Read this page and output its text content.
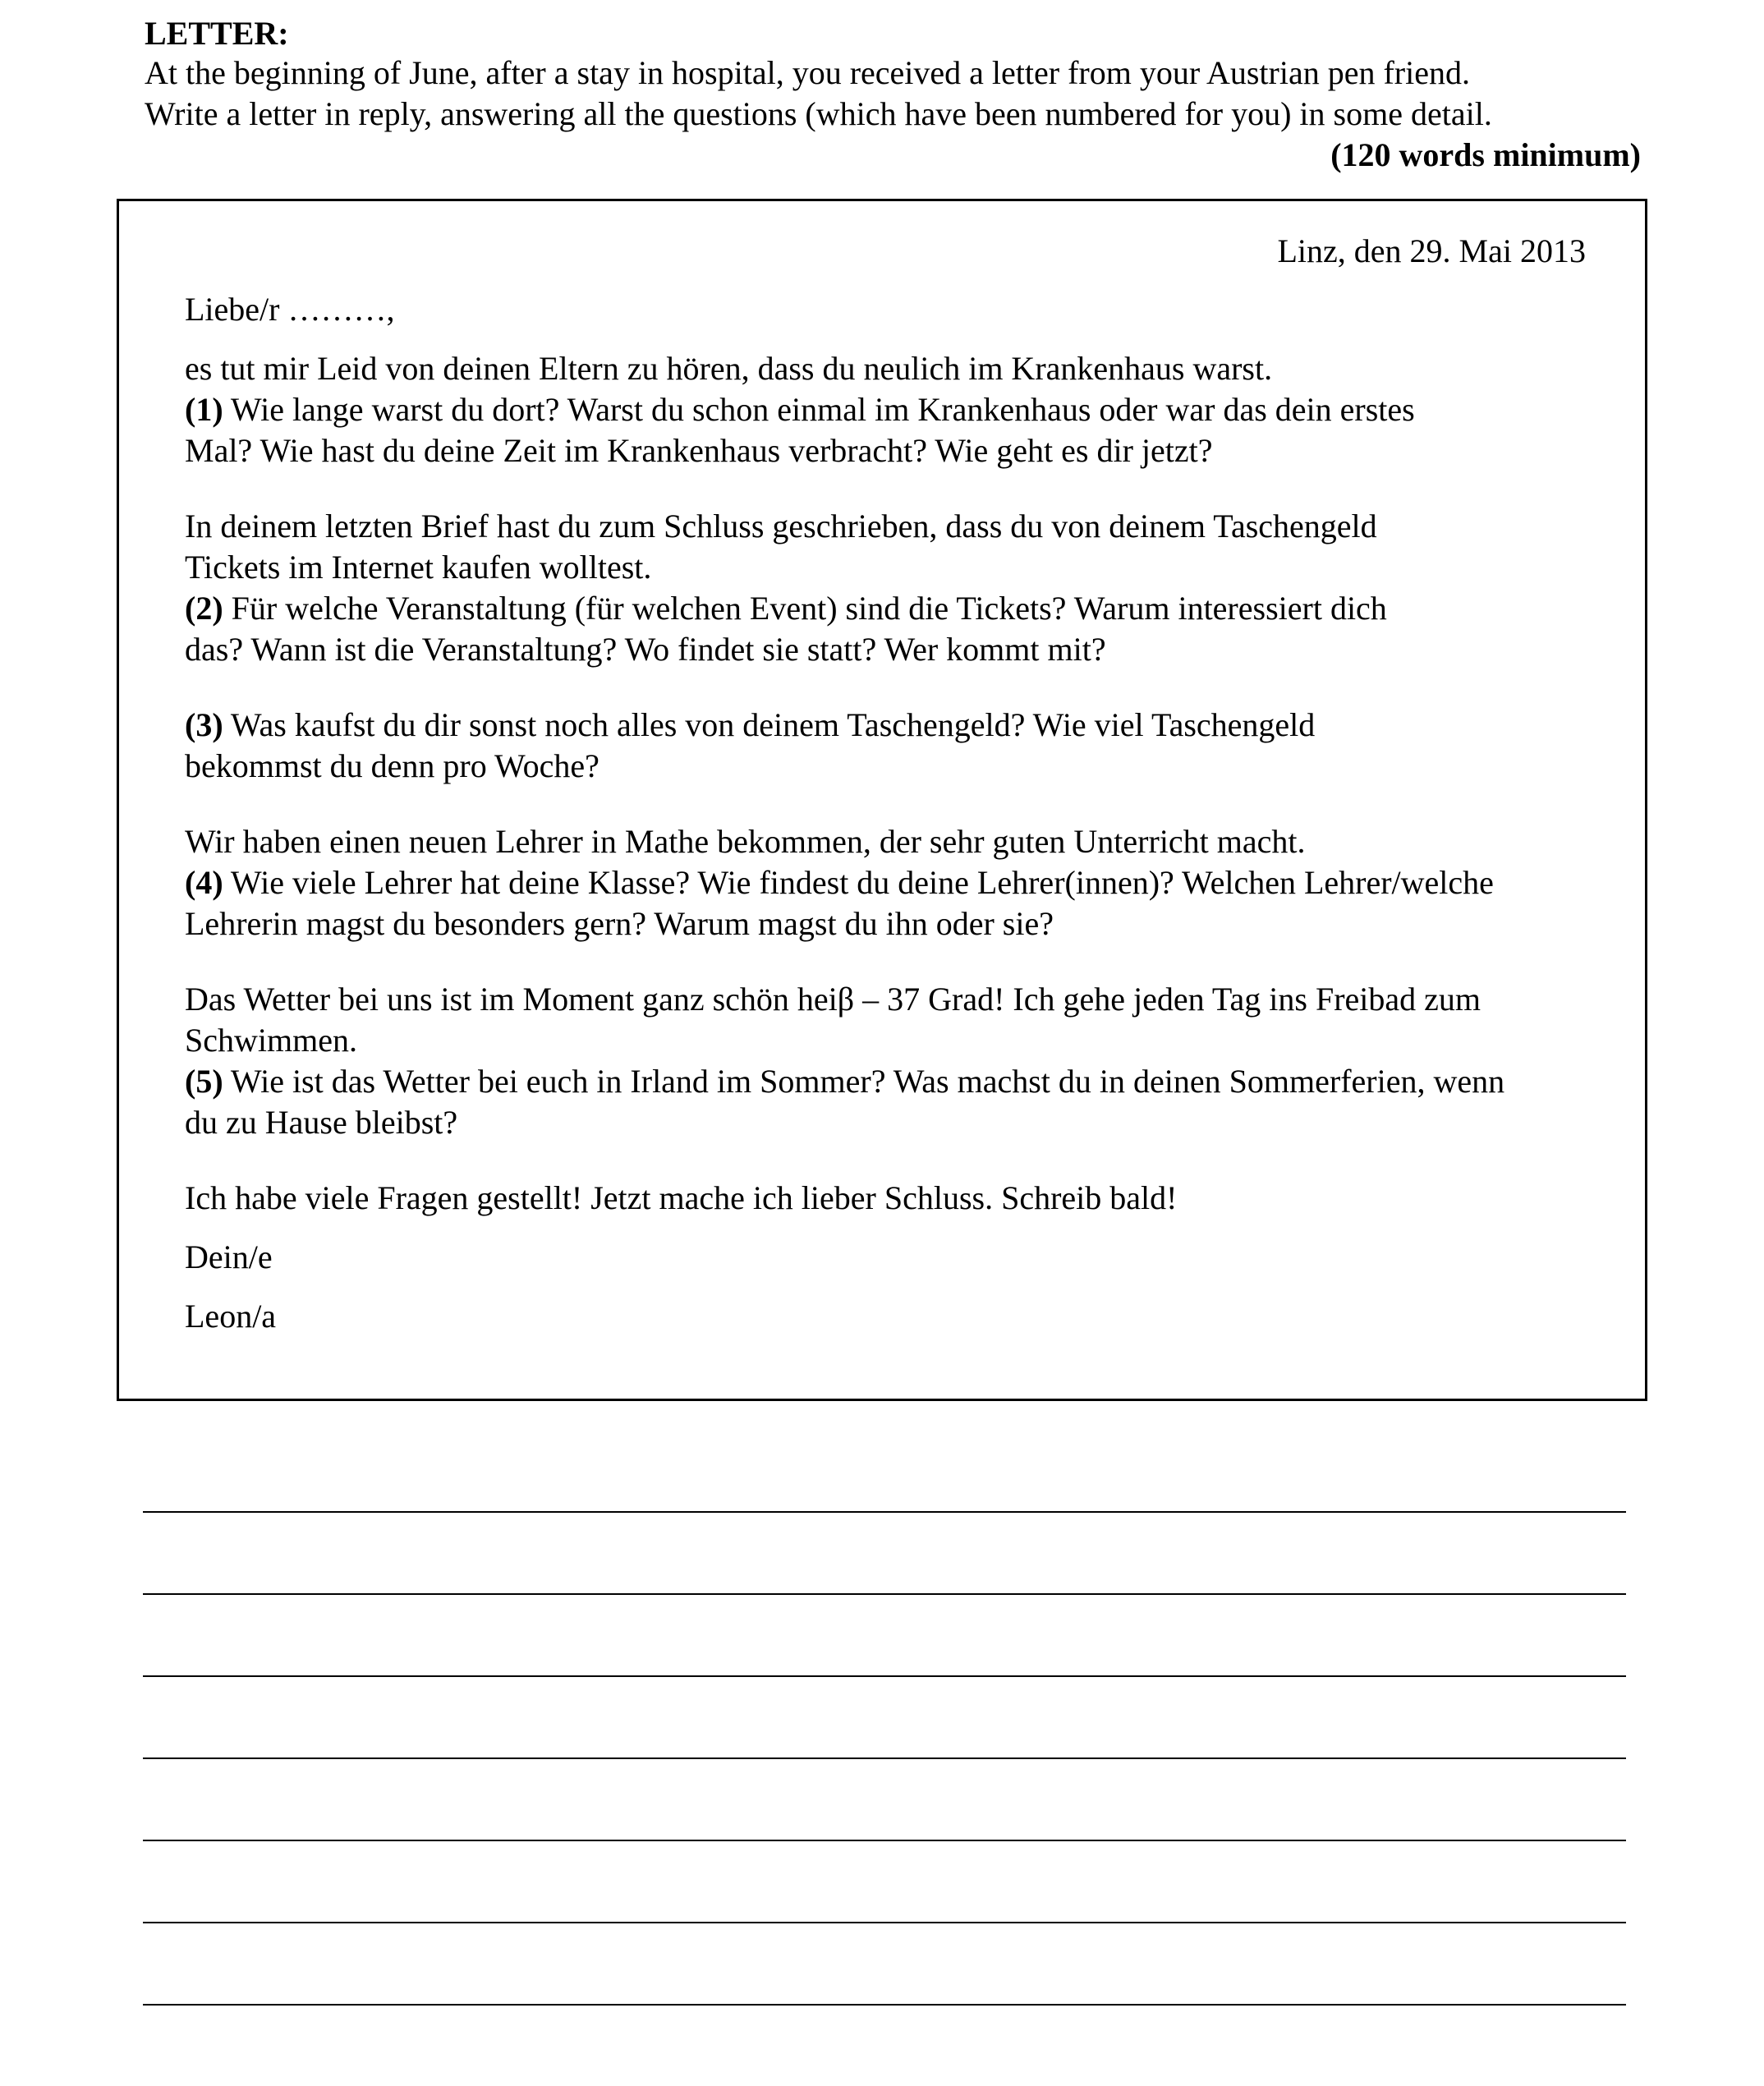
LETTER:
At the beginning of June, after a stay in hospital, you received a letter from your Austrian pen friend.
Write a letter in reply, answering all the questions (which have been numbered for you) in some detail.
(120 words minimum)
Linz, den 29. Mai 2013

Liebe/r ………,

es tut mir Leid von deinen Eltern zu hören, dass du neulich im Krankenhaus warst.
(1) Wie lange warst du dort? Warst du schon einmal im Krankenhaus oder war das dein erstes
Mal? Wie hast du deine Zeit im Krankenhaus verbracht? Wie geht es dir jetzt?

In deinem letzten Brief hast du zum Schluss geschrieben, dass du von deinem Taschengeld
Tickets im Internet kaufen wolltest.
(2) Für welche Veranstaltung (für welchen Event) sind die Tickets? Warum interessiert dich
das? Wann ist die Veranstaltung? Wo findet sie statt? Wer kommt mit?

(3) Was kaufst du dir sonst noch alles von deinem Taschengeld? Wie viel Taschengeld
bekommst du denn pro Woche?

Wir haben einen neuen Lehrer in Mathe bekommen, der sehr guten Unterricht macht.
(4) Wie viele Lehrer hat deine Klasse? Wie findest du deine Lehrer(innen)? Welchen Lehrer/welche
Lehrerin magst du besonders gern? Warum magst du ihn oder sie?

Das Wetter bei uns ist im Moment ganz schön heiβ – 37 Grad! Ich gehe jeden Tag ins Freibad zum
Schwimmen.
(5) Wie ist das Wetter bei euch in Irland im Sommer? Was machst du in deinen Sommerferien, wenn
du zu Hause bleibst?

Ich habe viele Fragen gestellt! Jetzt mache ich lieber Schluss. Schreib bald!

Dein/e

Leon/a
